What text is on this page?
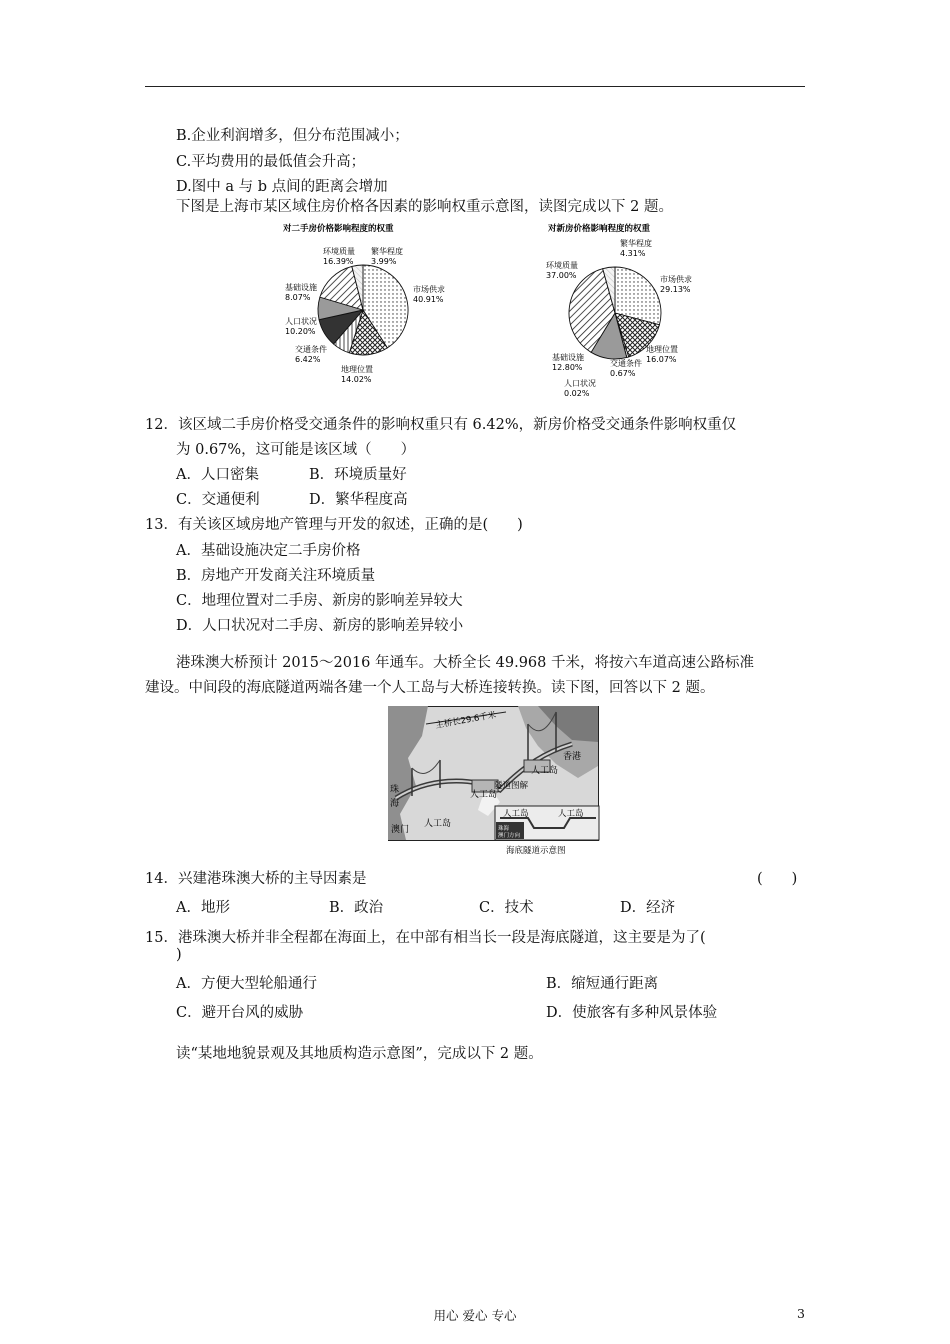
B.企业利润增多，但分布范围减小；
C.平均费用的最低值会升高；
D.图中 a 与 b 点间的距离会增加
下图是上海市某区域住房价格各因素的影响权重示意图，读图完成以下 2 题。
对二手房价格影响程度的权重
市场供求
40.91%
地理位置
14.02%
交通条件
6.42%
人口状况
10.20%
基础设施
8.07%
环境质量
16.39%
繁华程度
3.99%
对新房价格影响程度的权重
市场供求
29.13%
地理位置
16.07%
交通条件
0.67%
人口状况
0.02%
基础设施
12.80%
环境质量
37.00%
繁华程度
4.31%
12．该区域二手房价格受交通条件的影响权重只有 6.42%，新房价格受交通条件影响权重仅
为 0.67%，这可能是该区域（　　）
A．人口密集	B．环境质量好
C．交通便利	D．繁华程度高
13．有关该区域房地产管理与开发的叙述，正确的是(　　)
A．基础设施决定二手房价格
B．房地产开发商关注环境质量
C．地理位置对二手房、新房的影响差异较大
D．人口状况对二手房、新房的影响差异较小
港珠澳大桥预计 2015～2016 年通车。大桥全长 49.968 千米，将按六车道高速公路标准
建设。中间段的海底隧道两端各建一个人工岛与大桥连接转换。读下图，回答以下 2 题。
主桥长29.6千米
香港
人工岛
隧道图解
人工岛
珠
海
澳门
人工岛
人工岛	人工岛
珠海
澳门方向
海底隧道示意图
14．兴建港珠澳大桥的主导因素是	(　　)
A．地形	B．政治	C．技术	D．经济
15．港珠澳大桥并非全程都在海面上，在中部有相当长一段是海底隧道，这主要是为了(
)
A．方便大型轮船通行	B．缩短通行距离
C．避开台风的威胁	D．使旅客有多种风景体验
读“某地地貌景观及其地质构造示意图”，完成以下 2 题。
用心 爱心 专心	3
